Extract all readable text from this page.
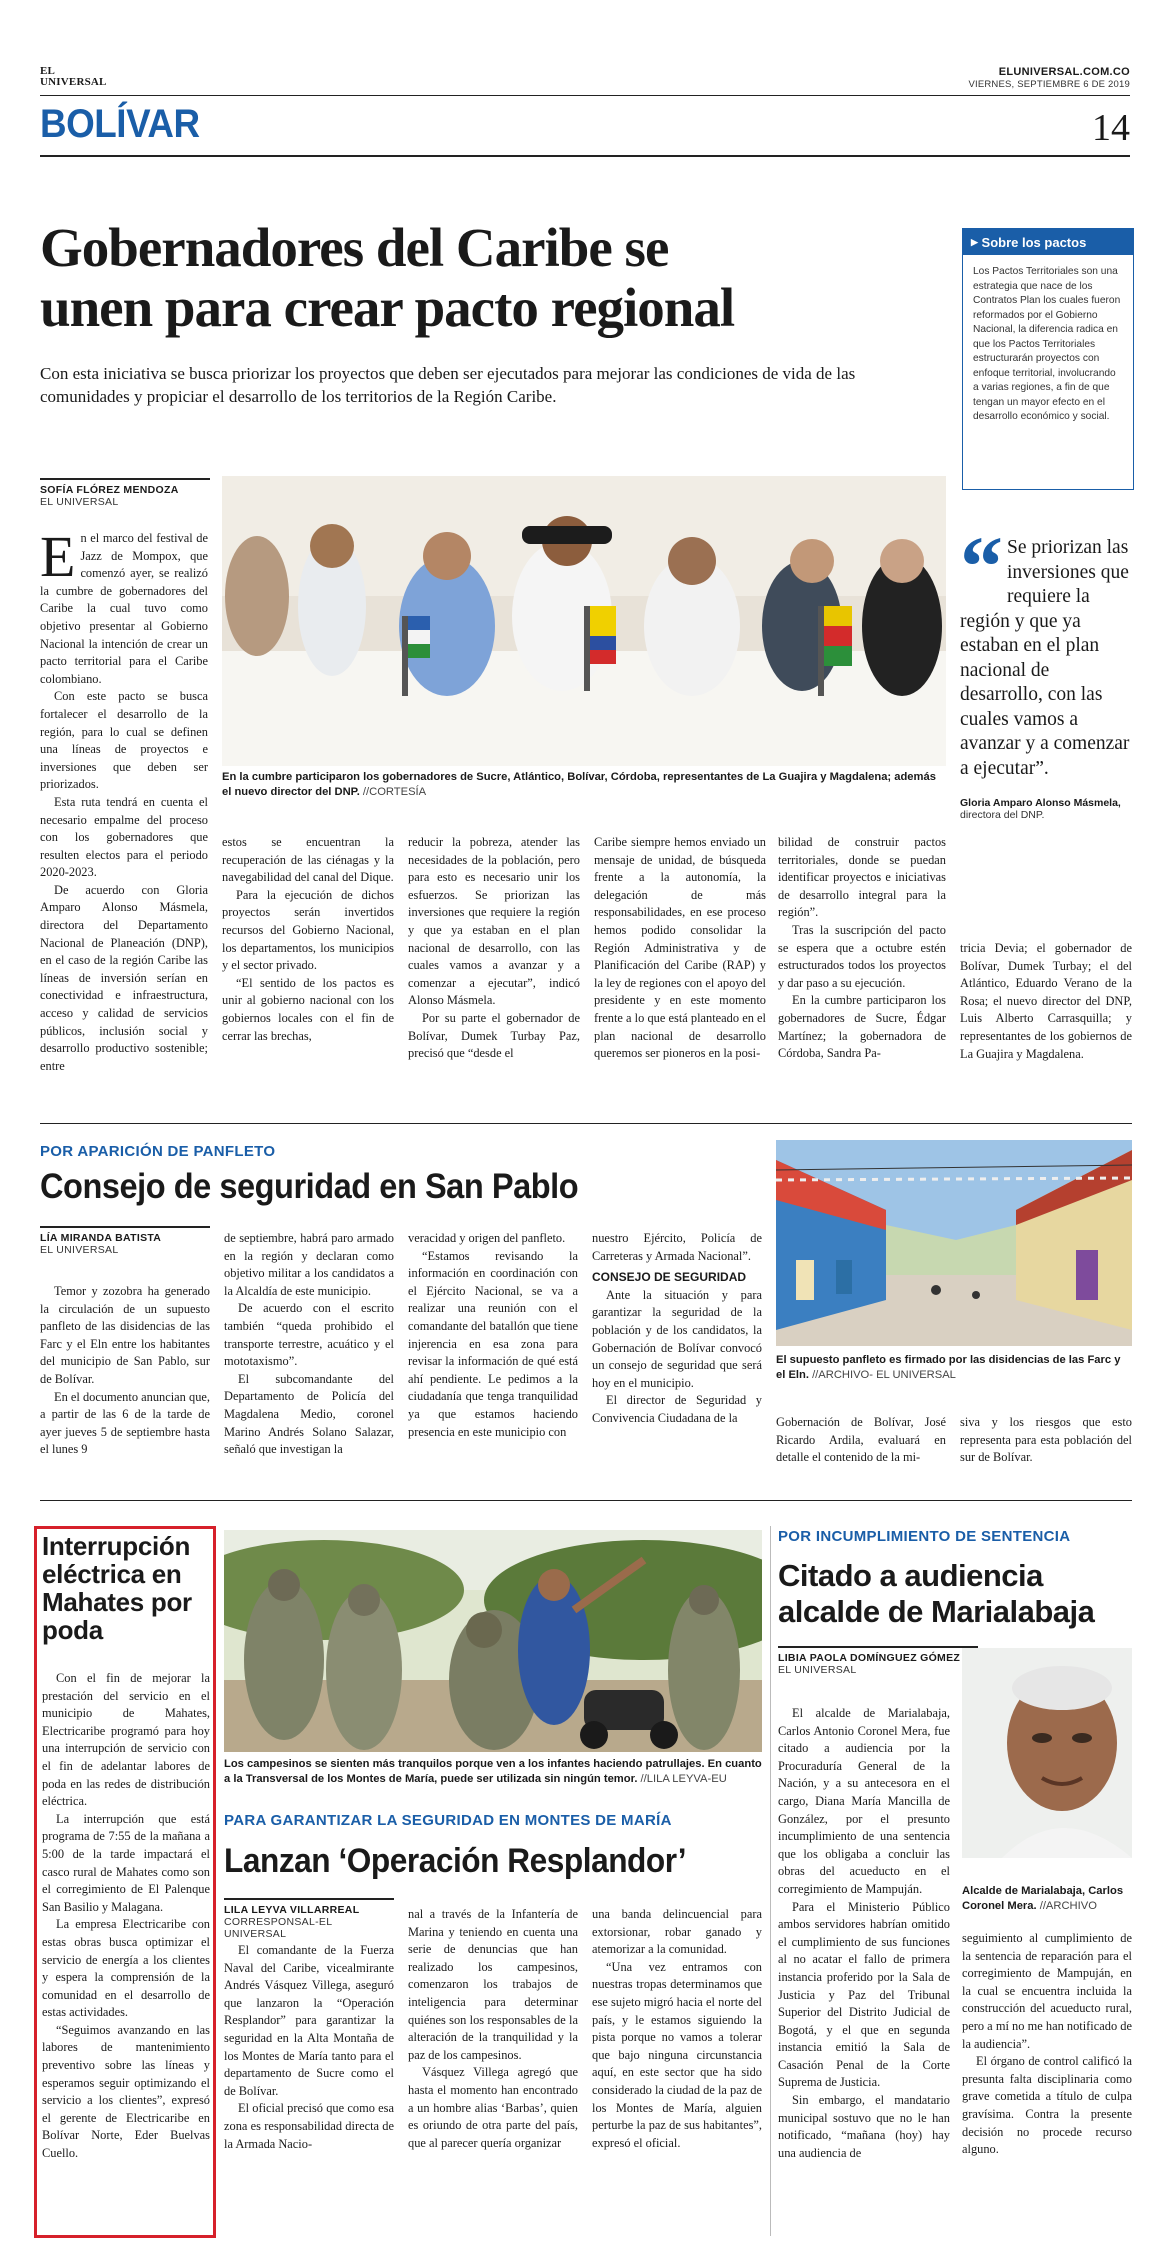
EL UNIVERSAL
ELUNIVERSAL.COM.CO
VIERNES, SEPTIEMBRE 6 DE 2019
BOLÍVAR	14
Gobernadores del Caribe se
unen para crear pacto regional
Con esta iniciativa se busca priorizar los proyectos que deben ser ejecutados para mejorar las condiciones de vida de las comunidades y propiciar el desarrollo de los territorios de la Región Caribe.
▶ Sobre los pactos
Los Pactos Territoriales son una estrategia que nace de los Contratos Plan los cuales fueron reformados por el Gobierno Nacional, la diferencia radica en que los Pactos Territoriales estructurarán proyectos con enfoque territorial, involucrando a varias regiones, a fin de que tengan un mayor efecto en el desarrollo económico y social.
SOFÍA FLÓREZ MENDOZA
EL UNIVERSAL
En la cumbre participaron los gobernadores de Sucre, Atlántico, Bolívar, Córdoba, representantes de La Guajira y Magdalena; además el nuevo director del DNP. //CORTESÍA
“ Se priorizan las inversiones que requiere la región y que ya estaban en el plan nacional de desarrollo, con las cuales vamos a avanzar y a comenzar a ejecutar”.
Gloria Amparo Alonso Másmela,
directora del DNP.

En el marco del festival de Jazz de Mompox, que comenzó ayer, se realizó la cumbre de gobernadores del Caribe la cual tuvo como objetivo presentar al Gobierno Nacional la intención de crear un pacto territorial para el Caribe colombiano.

Con este pacto se busca fortalecer el desarrollo de la región, para lo cual se definen una líneas de proyectos e inversiones que deben ser priorizados.

Esta ruta tendrá en cuenta el necesario empalme del proceso con los gobernadores que resulten electos para el periodo 2020-2023.

De acuerdo con Gloria Amparo Alonso Másmela, directora del Departamento Nacional de Planeación (DNP), en el caso de la región Caribe las líneas de inversión serían en conectividad e infraestructura, acceso y calidad de servicios públicos, inclusión social y desarrollo productivo sostenible; entre

estos se encuentran la recuperación de las ciénagas y la navegabilidad del canal del Dique.

Para la ejecución de dichos proyectos serán invertidos recursos del Gobierno Nacional, los departamentos, los municipios y el sector privado.

“El sentido de los pactos es unir al gobierno nacional con los gobiernos locales con el fin de cerrar las brechas,

reducir la pobreza, atender las necesidades de la población, pero para esto es necesario unir los esfuerzos. Se priorizan las inversiones que requiere la región y que ya estaban en el plan nacional de desarrollo, con las cuales vamos a avanzar y a comenzar a ejecutar”, indicó Alonso Másmela.

Por su parte el gobernador de Bolívar, Dumek Turbay Paz, precisó que “desde el

Caribe siempre hemos enviado un mensaje de unidad, de búsqueda frente a la autonomía, la delegación de más responsabilidades, en ese proceso hemos podido consolidar la Región Administrativa y de Planificación del Caribe (RAP) y la ley de regiones con el apoyo del presidente y en este momento frente a lo que está planteado en el plan nacional de desarrollo queremos ser pioneros en la posi-

bilidad de construir pactos territoriales, donde se puedan identificar proyectos e iniciativas de desarrollo integral para la región”.

Tras la suscripción del pacto se espera que a octubre estén estructurados todos los proyectos y dar paso a su ejecución.

En la cumbre participaron los gobernadores de Sucre, Édgar Martínez; la gobernadora de Córdoba, Sandra Pa-

tricia Devia; el gobernador de Bolívar, Dumek Turbay; el del Atlántico, Eduardo Verano de la Rosa; el nuevo director del DNP, Luis Alberto Carrasquilla; y representantes de los gobiernos de La Guajira y Magdalena.

POR APARICIÓN DE PANFLETO
Consejo de seguridad en San Pablo
LÍA MIRANDA BATISTA
EL UNIVERSAL
El supuesto panfleto es firmado por las disidencias de las Farc y el Eln. //ARCHIVO- EL UNIVERSAL

Temor y zozobra ha generado la circulación de un supuesto panfleto de las disidencias de las Farc y el Eln entre los habitantes del municipio de San Pablo, sur de Bolívar.

En el documento anuncian que, a partir de las 6 de la tarde de ayer jueves 5 de septiembre hasta el lunes 9

de septiembre, habrá paro armado en la región y declaran como objetivo militar a los candidatos a la Alcaldía de este municipio.

De acuerdo con el escrito también “queda prohibido el transporte terrestre, acuático y el mototaxismo”.

El subcomandante del Departamento de Policía del Magdalena Medio, coronel Marino Andrés Solano Salazar, señaló que investigan la

veracidad y origen del panfleto.

“Estamos revisando la información en coordinación con el Ejército Nacional, se va a realizar una reunión con el comandante del batallón que tiene injerencia en esa zona para revisar la información de qué está ahí pendiente. Le pedimos a la ciudadanía que tenga tranquilidad ya que estamos haciendo presencia en este municipio con

nuestro Ejército, Policía de Carreteras y Armada Nacional”.

CONSEJO DE SEGURIDAD

Ante la situación y para garantizar la seguridad de la población y de los candidatos, la Gobernación de Bolívar convocó un consejo de seguridad que será hoy en el municipio.

El director de Seguridad y Convivencia Ciudadana de la	Gobernación de Bolívar, José Ricardo Ardila, evaluará en detalle el contenido de la mi-

siva y los riesgos que esto representa para esta población del sur de Bolívar.

Interrupción eléctrica en Mahates por poda

Con el fin de mejorar la prestación del servicio en el municipio de Mahates, Electricaribe programó para hoy una interrupción de servicio con el fin de adelantar labores de poda en las redes de distribución eléctrica.

La interrupción que está programa de 7:55 de la mañana a 5:00 de la tarde impactará el casco rural de Mahates como son el corregimiento de El Palenque San Basilio y Malagana.

La empresa Electricaribe con estas obras busca optimizar el servicio de energía a los clientes y espera la comprensión de la comunidad en el desarrollo de estas actividades.

“Seguimos avanzando en las labores de mantenimiento preventivo sobre las líneas y esperamos seguir optimizando el servicio a los clientes”, expresó el gerente de Electricaribe en Bolívar Norte, Eder Buelvas Cuello.

Los campesinos se sienten más tranquilos porque ven a los infantes haciendo patrullajes. En cuanto a la Transversal de los Montes de María, puede ser utilizada sin ningún temor. //LILA LEYVA-EU
PARA GARANTIZAR LA SEGURIDAD EN MONTES DE MARÍA
Lanzan ‘Operación Resplandor’
LILA LEYVA VILLARREAL
CORRESPONSAL-EL UNIVERSAL

El comandante de la Fuerza Naval del Caribe, vicealmirante Andrés Vásquez Villega, aseguró que lanzaron la “Operación Resplandor” para garantizar la seguridad en la Alta Montaña de los Montes de María tanto para el departamento de Sucre como el de Bolívar.

El oficial precisó que como esa zona es responsabilidad directa de la Armada Nacio-

nal a través de la Infantería de Marina y teniendo en cuenta una serie de denuncias que han realizado los campesinos, comenzaron los trabajos de inteligencia para determinar quiénes son los responsables de la alteración de la tranquilidad y la paz de los campesinos.

Vásquez Villega agregó que hasta el momento han encontrado a un hombre alias ‘Barbas’, quien es oriundo de otra parte del país, que al parecer quería organizar

una banda delincuencial para extorsionar, robar ganado y atemorizar a la comunidad.

“Una vez entramos con nuestras tropas determinamos que ese sujeto migró hacia el norte del país, y le estamos siguiendo la pista porque no vamos a tolerar que bajo ninguna circunstancia aquí, en este sector que ha sido considerado la ciudad de la paz de los Montes de María, alguien perturbe la paz de sus habitantes”, expresó el oficial.

POR INCUMPLIMIENTO DE SENTENCIA
Citado a audiencia alcalde de Marialabaja
LIBIA PAOLA DOMÍNGUEZ GÓMEZ
EL UNIVERSAL
Alcalde de Marialabaja, Carlos Coronel Mera. //ARCHIVO

El alcalde de Marialabaja, Carlos Antonio Coronel Mera, fue citado a audiencia por la Procuraduría General de la Nación, y a su antecesora en el cargo, Diana María Mancilla de González, por el presunto incumplimiento de una sentencia que los obligaba a concluir las obras del acueducto en el corregimiento de Mampuján.

Para el Ministerio Público ambos servidores habrían omitido el cumplimiento de sus funciones al no acatar el fallo de primera instancia proferido por la Sala de Justicia y Paz del Tribunal Superior del Distrito Judicial de Bogotá, y el que en segunda instancia emitió la Sala de Casación Penal de la Corte Suprema de Justicia.

Sin embargo, el mandatario municipal sostuvo que no le han notificado, “mañana (hoy) hay una audiencia de

seguimiento al cumplimiento de la sentencia de reparación para el corregimiento de Mampuján, en la cual se encuentra incluida la construcción del acueducto rural, pero a mí no me han notificado de la audiencia”.

El órgano de control calificó la presunta falta disciplinaria como grave cometida a título de culpa gravísima. Contra la presente decisión no procede recurso alguno.
